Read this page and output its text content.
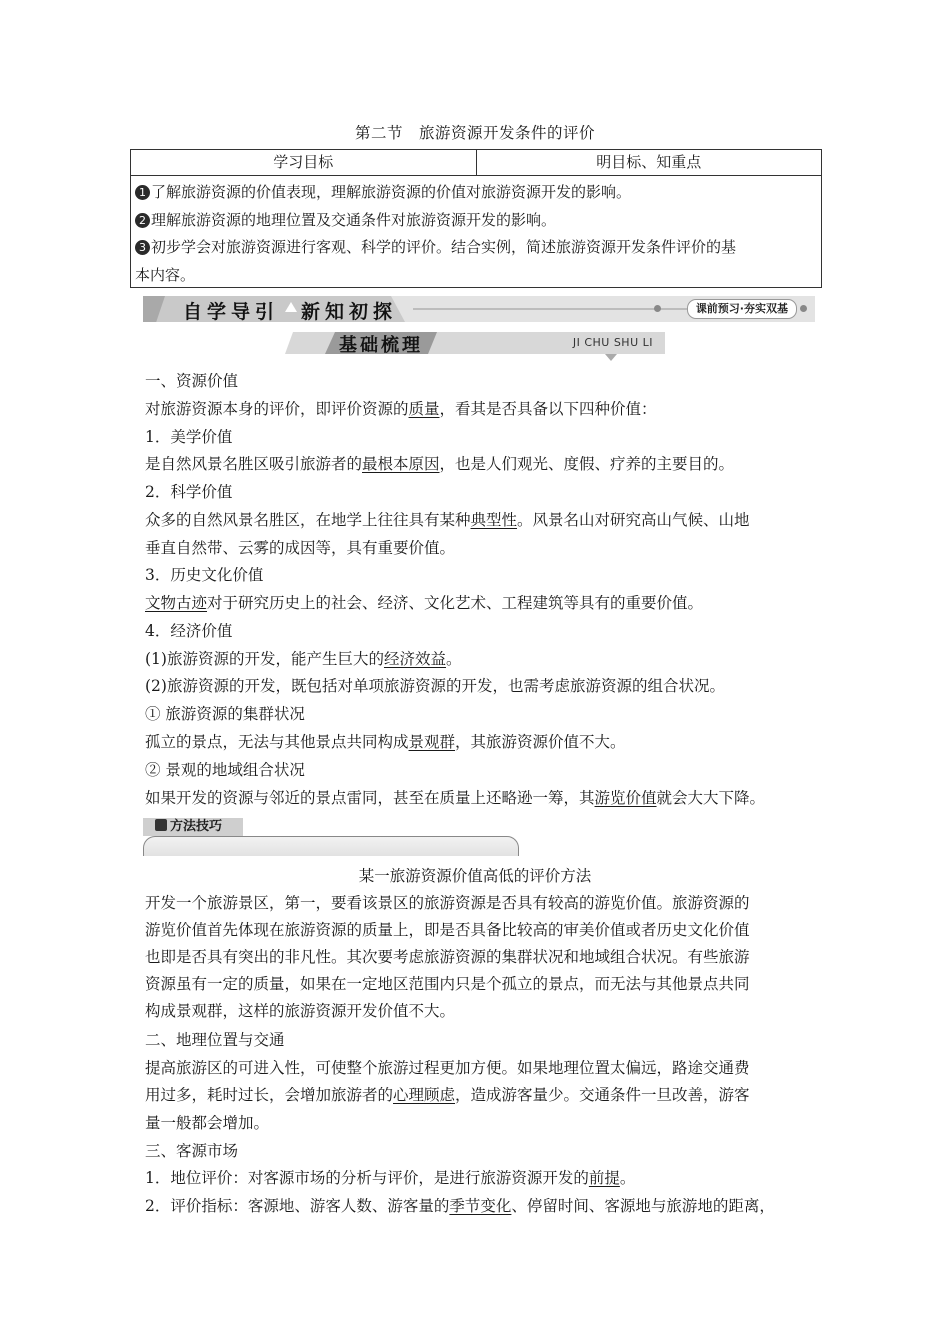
第二节　旅游资源开发条件的评价
学习目标	明目标、知重点
1 了解旅游资源的价值表现，理解旅游资源的价值对旅游资源开发的影响。
2 理解旅游资源的地理位置及交通条件对旅游资源开发的影响。
3 初步学会对旅游资源进行客观、科学的评价。结合实例，简述旅游资源开发条件评价的基
本内容。
自学导引 新知初探	课前预习·夯实双基
基础梳理	JI CHU SHU LI
一、资源价值
对旅游资源本身的评价，即评价资源的质量，看其是否具备以下四种价值：
1．美学价值
是自然风景名胜区吸引旅游者的最根本原因，也是人们观光、度假、疗养的主要目的。
2．科学价值
众多的自然风景名胜区，在地学上往往具有某种典型性。风景名山对研究高山气候、山地
垂直自然带、云雾的成因等，具有重要价值。
3．历史文化价值
文物古迹对于研究历史上的社会、经济、文化艺术、工程建筑等具有的重要价值。
4．经济价值
(1)旅游资源的开发，能产生巨大的经济效益。
(2)旅游资源的开发，既包括对单项旅游资源的开发，也需考虑旅游资源的组合状况。
① 旅游资源的集群状况
孤立的景点，无法与其他景点共同构成景观群，其旅游资源价值不大。
② 景观的地域组合状况
如果开发的资源与邻近的景点雷同，甚至在质量上还略逊一筹，其游览价值就会大大下降。
方法技巧
某一旅游资源价值高低的评价方法
开发一个旅游景区，第一，要看该景区的旅游资源是否具有较高的游览价值。旅游资源的
游览价值首先体现在旅游资源的质量上，即是否具备比较高的审美价值或者历史文化价值
也即是否具有突出的非凡性。其次要考虑旅游资源的集群状况和地域组合状况。有些旅游
资源虽有一定的质量，如果在一定地区范围内只是个孤立的景点，而无法与其他景点共同
构成景观群，这样的旅游资源开发价值不大。
二、地理位置与交通
提高旅游区的可进入性，可使整个旅游过程更加方便。如果地理位置太偏远，路途交通费
用过多，耗时过长，会增加旅游者的心理顾虑，造成游客量少。交通条件一旦改善，游客
量一般都会增加。
三、客源市场
1．地位评价：对客源市场的分析与评价，是进行旅游资源开发的前提。
2．评价指标：客源地、游客人数、游客量的季节变化、停留时间、客源地与旅游地的距离，
